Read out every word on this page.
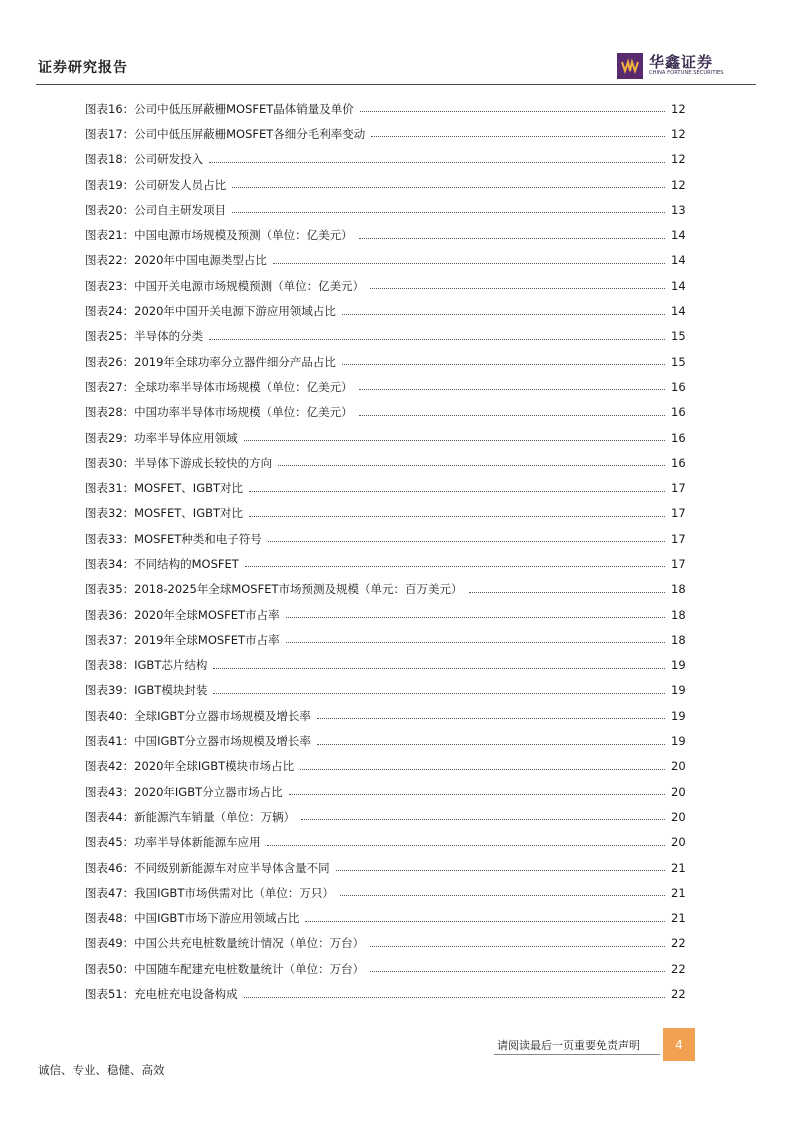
证券研究报告	华鑫证券
CHINA FORTUNE SECURITIES
图表16：公司中低压屏蔽栅MOSFET晶体销量及单价	12
图表17：公司中低压屏蔽栅MOSFET各细分毛利率变动	12
图表18：公司研发投入	12
图表19：公司研发人员占比	12
图表20：公司自主研发项目	13
图表21：中国电源市场规模及预测（单位：亿美元）	14
图表22：2020年中国电源类型占比	14
图表23：中国开关电源市场规模预测（单位：亿美元）	14
图表24：2020年中国开关电源下游应用领域占比	14
图表25：半导体的分类	15
图表26：2019年全球功率分立器件细分产品占比	15
图表27：全球功率半导体市场规模（单位：亿美元）	16
图表28：中国功率半导体市场规模（单位：亿美元）	16
图表29：功率半导体应用领域	16
图表30：半导体下游成长较快的方向	16
图表31：MOSFET、IGBT对比	17
图表32：MOSFET、IGBT对比	17
图表33：MOSFET种类和电子符号	17
图表34：不同结构的MOSFET	17
图表35：2018-2025年全球MOSFET市场预测及规模（单元：百万美元）	18
图表36：2020年全球MOSFET市占率	18
图表37：2019年全球MOSFET市占率	18
图表38：IGBT芯片结构	19
图表39：IGBT模块封装	19
图表40：全球IGBT分立器市场规模及增长率	19
图表41：中国IGBT分立器市场规模及增长率	19
图表42：2020年全球IGBT模块市场占比	20
图表43：2020年IGBT分立器市场占比	20
图表44：新能源汽车销量（单位：万辆）	20
图表45：功率半导体新能源车应用	20
图表46：不同级别新能源车对应半导体含量不同	21
图表47：我国IGBT市场供需对比（单位：万只）	21
图表48：中国IGBT市场下游应用领域占比	21
图表49：中国公共充电桩数量统计情况（单位：万台）	22
图表50：中国随车配建充电桩数量统计（单位：万台）	22
图表51：充电桩充电设备构成	22
请阅读最后一页重要免责声明	4
诚信、专业、稳健、高效
